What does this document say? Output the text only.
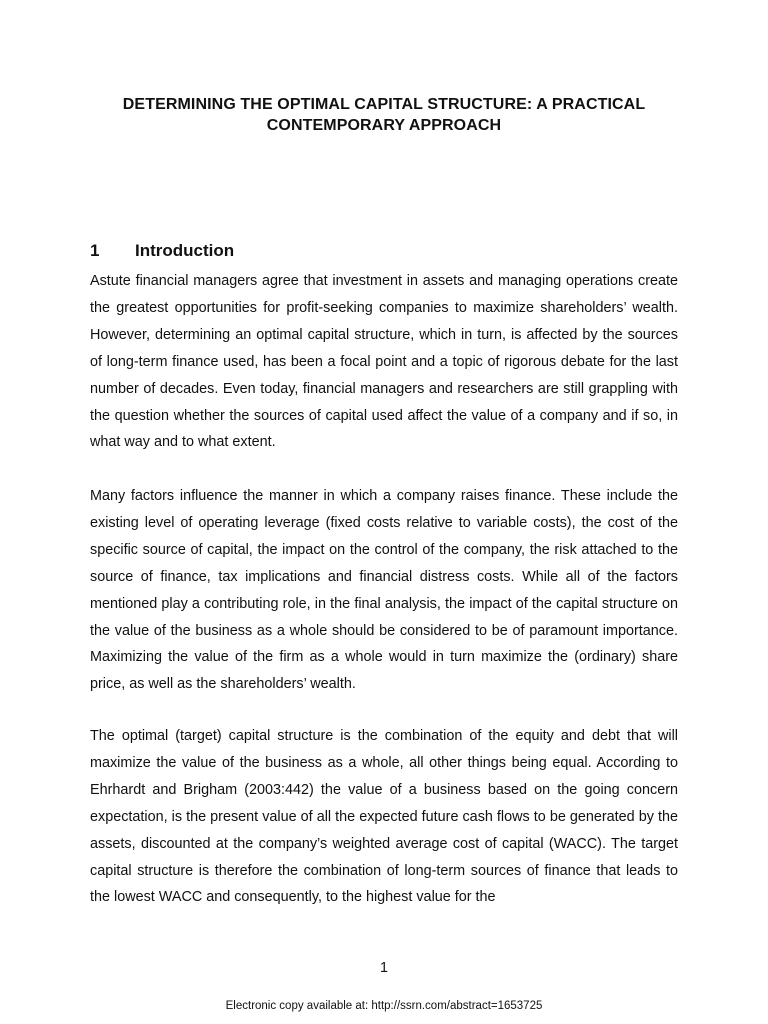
DETERMINING THE OPTIMAL CAPITAL STRUCTURE: A PRACTICAL
CONTEMPORARY APPROACH
1 Introduction

Astute financial managers agree that investment in assets and managing operations create the greatest opportunities for profit-seeking companies to maximize shareholders’ wealth. However, determining an optimal capital structure, which in turn, is affected by the sources of long-term finance used, has been a focal point and a topic of rigorous debate for the last number of decades. Even today, financial managers and researchers are still grappling with the question whether the sources of capital used affect the value of a company and if so, in what way and to what extent.

Many factors influence the manner in which a company raises finance. These include the existing level of operating leverage (fixed costs relative to variable costs), the cost of the specific source of capital, the impact on the control of the company, the risk attached to the source of finance, tax implications and financial distress costs. While all of the factors mentioned play a contributing role, in the final analysis, the impact of the capital structure on the value of the business as a whole should be considered to be of paramount importance. Maximizing the value of the firm as a whole would in turn maximize the (ordinary) share price, as well as the shareholders’ wealth.

The optimal (target) capital structure is the combination of the equity and debt that will maximize the value of the business as a whole, all other things being equal. According to Ehrhardt and Brigham (2003:442) the value of a business based on the going concern expectation, is the present value of all the expected future cash flows to be generated by the assets, discounted at the company’s weighted average cost of capital (WACC). The target capital structure is therefore the combination of long-term sources of finance that leads to the lowest WACC and consequently, to the highest value for the

1

Electronic copy available at: http://ssrn.com/abstract=1653725
